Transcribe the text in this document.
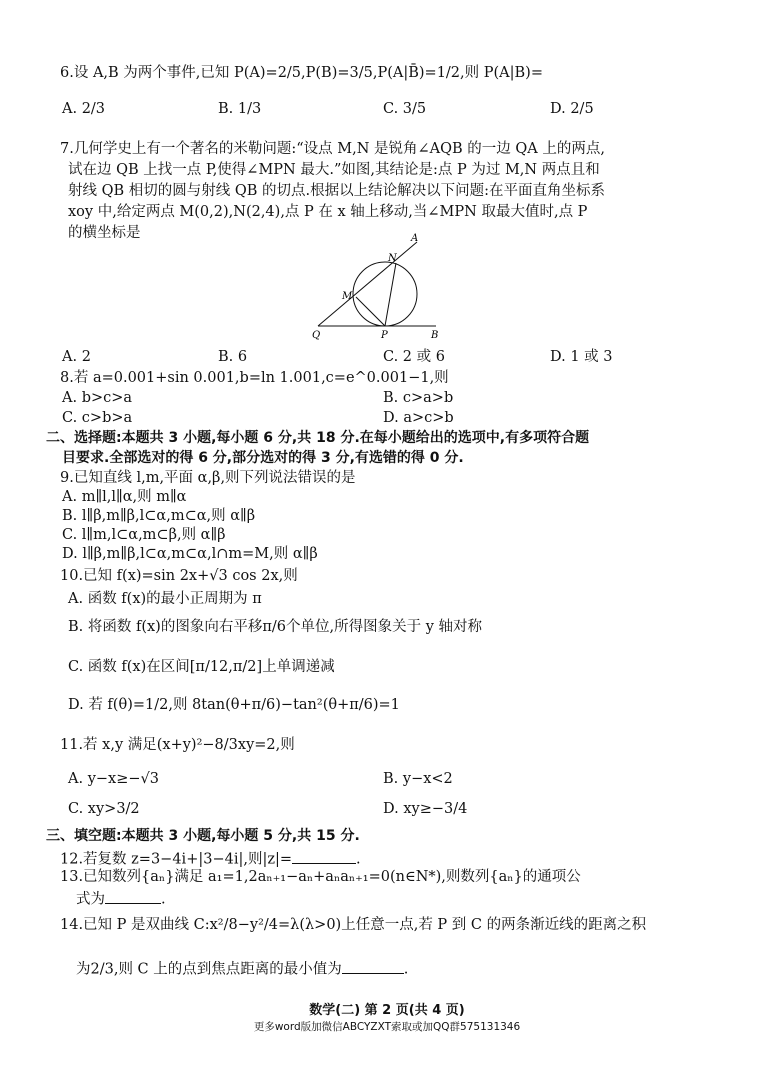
6.设 A,B 为两个事件,已知 P(A)=2/5,P(B)=3/5,P(A|B̄)=1/2,则 P(A|B)=
A. 2/3	B. 1/3	C. 3/5	D. 2/5
7.几何学史上有一个著名的米勒问题:“设点 M,N 是锐角∠AQB 的一边 QA 上的两点,
试在边 QB 上找一点 P,使得∠MPN 最大.”如图,其结论是:点 P 为过 M,N 两点且和
射线 QB 相切的圆与射线 QB 的切点.根据以上结论解决以下问题:在平面直角坐标系
xoy 中,给定两点 M(0,2),N(2,4),点 P 在 x 轴上移动,当∠MPN 取最大值时,点 P
的横坐标是	A
N
M
Q	P	B
A. 2	B. 6	C. 2 或 6	D. 1 或 3
8.若 a=0.001+sin 0.001,b=ln 1.001,c=e^0.001−1,则
A. b>c>a	B. c>a>b
C. c>b>a	D. a>c>b
二、选择题:本题共 3 小题,每小题 6 分,共 18 分.在每小题给出的选项中,有多项符合题
目要求.全部选对的得 6 分,部分选对的得 3 分,有选错的得 0 分.
9.已知直线 l,m,平面 α,β,则下列说法错误的是
A. m∥l,l∥α,则 m∥α
B. l∥β,m∥β,l⊂α,m⊂α,则 α∥β
C. l∥m,l⊂α,m⊂β,则 α∥β
D. l∥β,m∥β,l⊂α,m⊂α,l∩m=M,则 α∥β
10.已知 f(x)=sin 2x+√3 cos 2x,则
A. 函数 f(x)的最小正周期为 π
B. 将函数 f(x)的图象向右平移π/6个单位,所得图象关于 y 轴对称
C. 函数 f(x)在区间[π/12,π/2]上单调递减
D. 若 f(θ)=1/2,则 8tan(θ+π/6)−tan²(θ+π/6)=1
11.若 x,y 满足(x+y)²−8/3xy=2,则
A. y−x≥−√3	B. y−x<2
C. xy>3/2	D. xy≥−3/4
三、填空题:本题共 3 小题,每小题 5 分,共 15 分.
12.若复数 z=3−4i+|3−4i|,则|z|=	.
13.已知数列{aₙ}满足 a₁=1,2aₙ₊₁−aₙ+aₙaₙ₊₁=0(n∈N*),则数列{aₙ}的通项公
式为	.
14.已知 P 是双曲线 C:x²/8−y²/4=λ(λ>0)上任意一点,若 P 到 C 的两条渐近线的距离之积
为2/3,则 C 上的点到焦点距离的最小值为	.
数学(二) 第 2 页(共 4 页)
更多word版加微信ABCYZXT索取或加QQ群575131346
